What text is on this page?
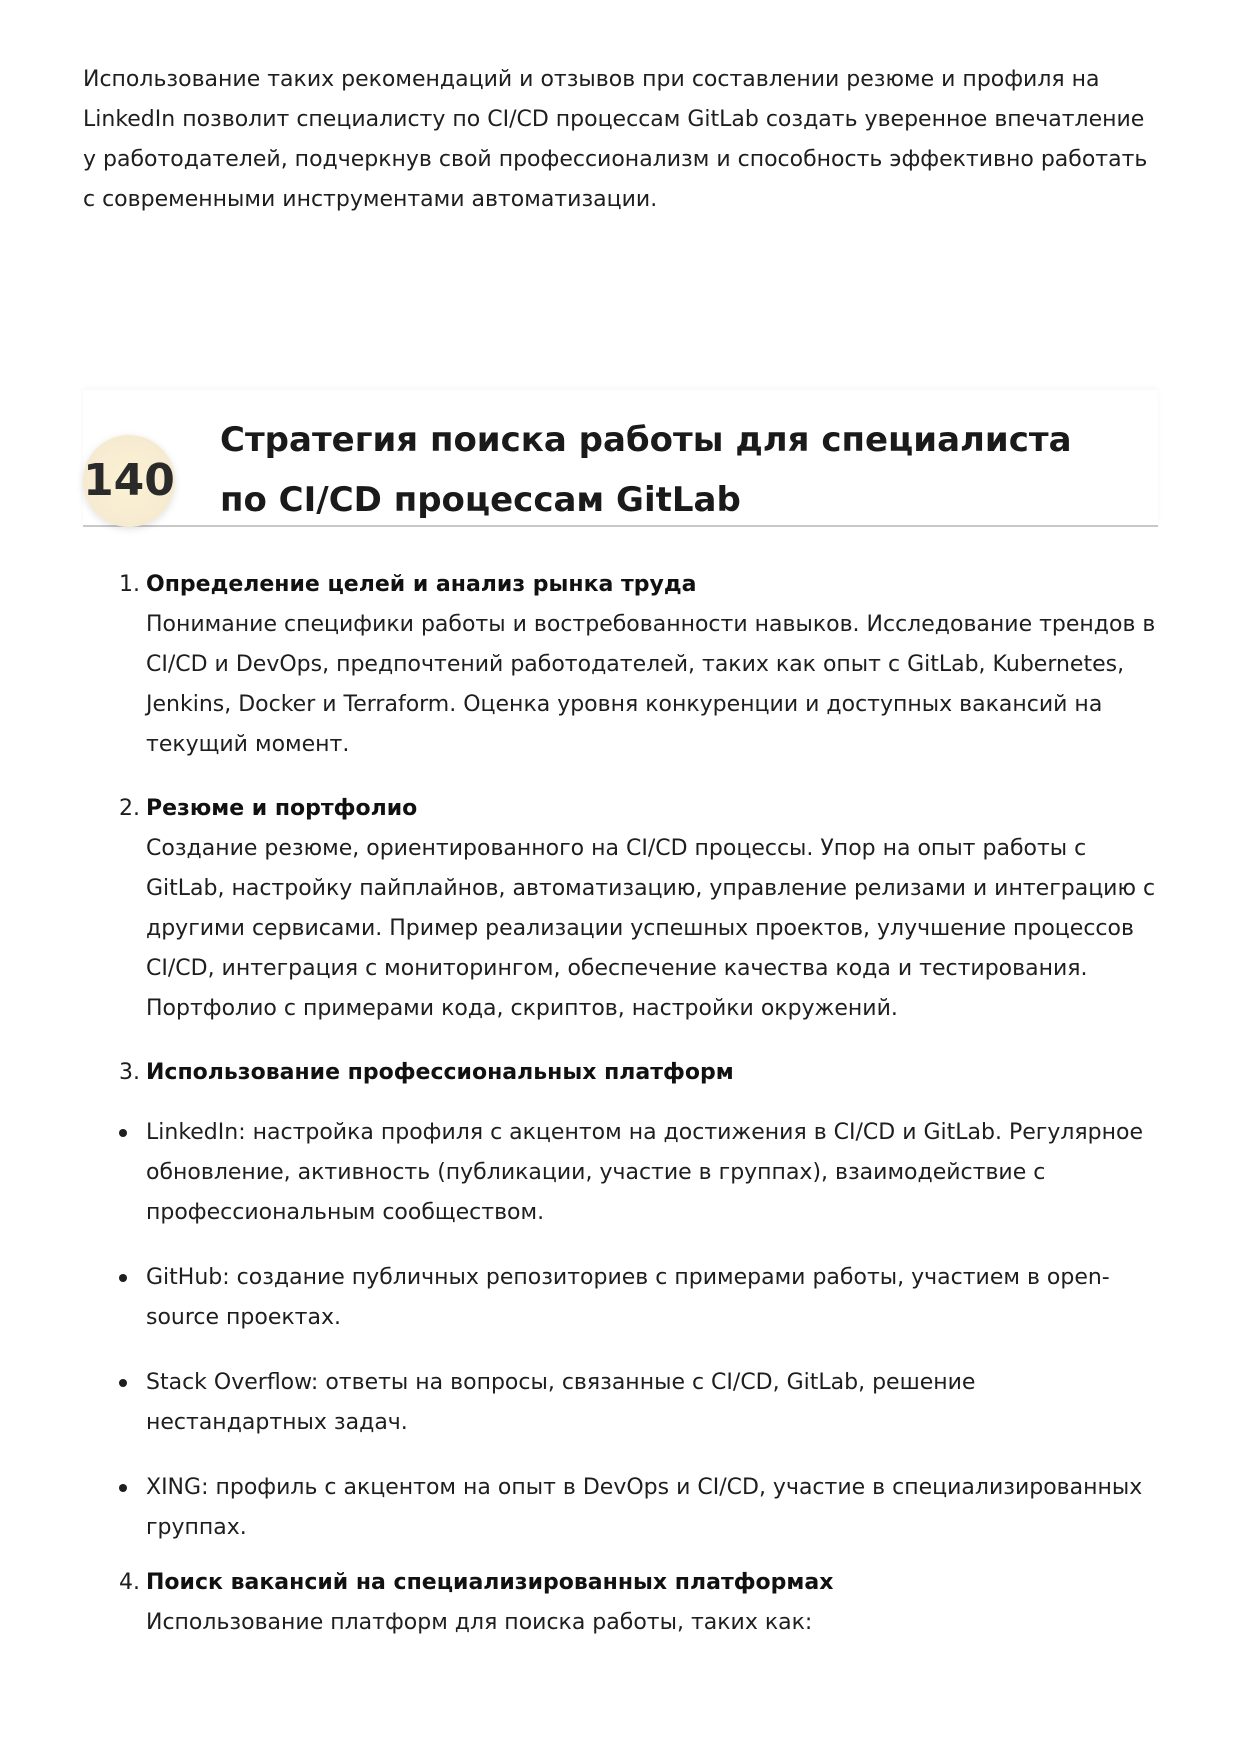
Использование таких рекомендаций и отзывов при составлении резюме и профиля на LinkedIn позволит специалисту по CI/CD процессам GitLab создать уверенное впечатление у работодателей, подчеркнув свой профессионализм и способность эффективно работать с современными инструментами автоматизации.

140
Стратегия поиска работы для специалиста по CI/CD процессам GitLab
1. Определение целей и анализ рынка труда
Понимание специфики работы и востребованности навыков. Исследование трендов в CI/CD и DevOps, предпочтений работодателей, таких как опыт с GitLab, Kubernetes, Jenkins, Docker и Terraform. Оценка уровня конкуренции и доступных вакансий на текущий момент.
2. Резюме и портфолио
Создание резюме, ориентированного на CI/CD процессы. Упор на опыт работы с GitLab, настройку пайплайнов, автоматизацию, управление релизами и интеграцию с другими сервисами. Пример реализации успешных проектов, улучшение процессов CI/CD, интеграция с мониторингом, обеспечение качества кода и тестирования. Портфолио с примерами кода, скриптов, настройки окружений.
3. Использование профессиональных платформ
LinkedIn: настройка профиля с акцентом на достижения в CI/CD и GitLab. Регулярное обновление, активность (публикации, участие в группах), взаимодействие с профессиональным сообществом.
GitHub: создание публичных репозиториев с примерами работы, участием в open-source проектах.
Stack Overflow: ответы на вопросы, связанные с CI/CD, GitLab, решение нестандартных задач.
XING: профиль с акцентом на опыт в DevOps и CI/CD, участие в специализированных группах.
4. Поиск вакансий на специализированных платформах
Использование платформ для поиска работы, таких как:
